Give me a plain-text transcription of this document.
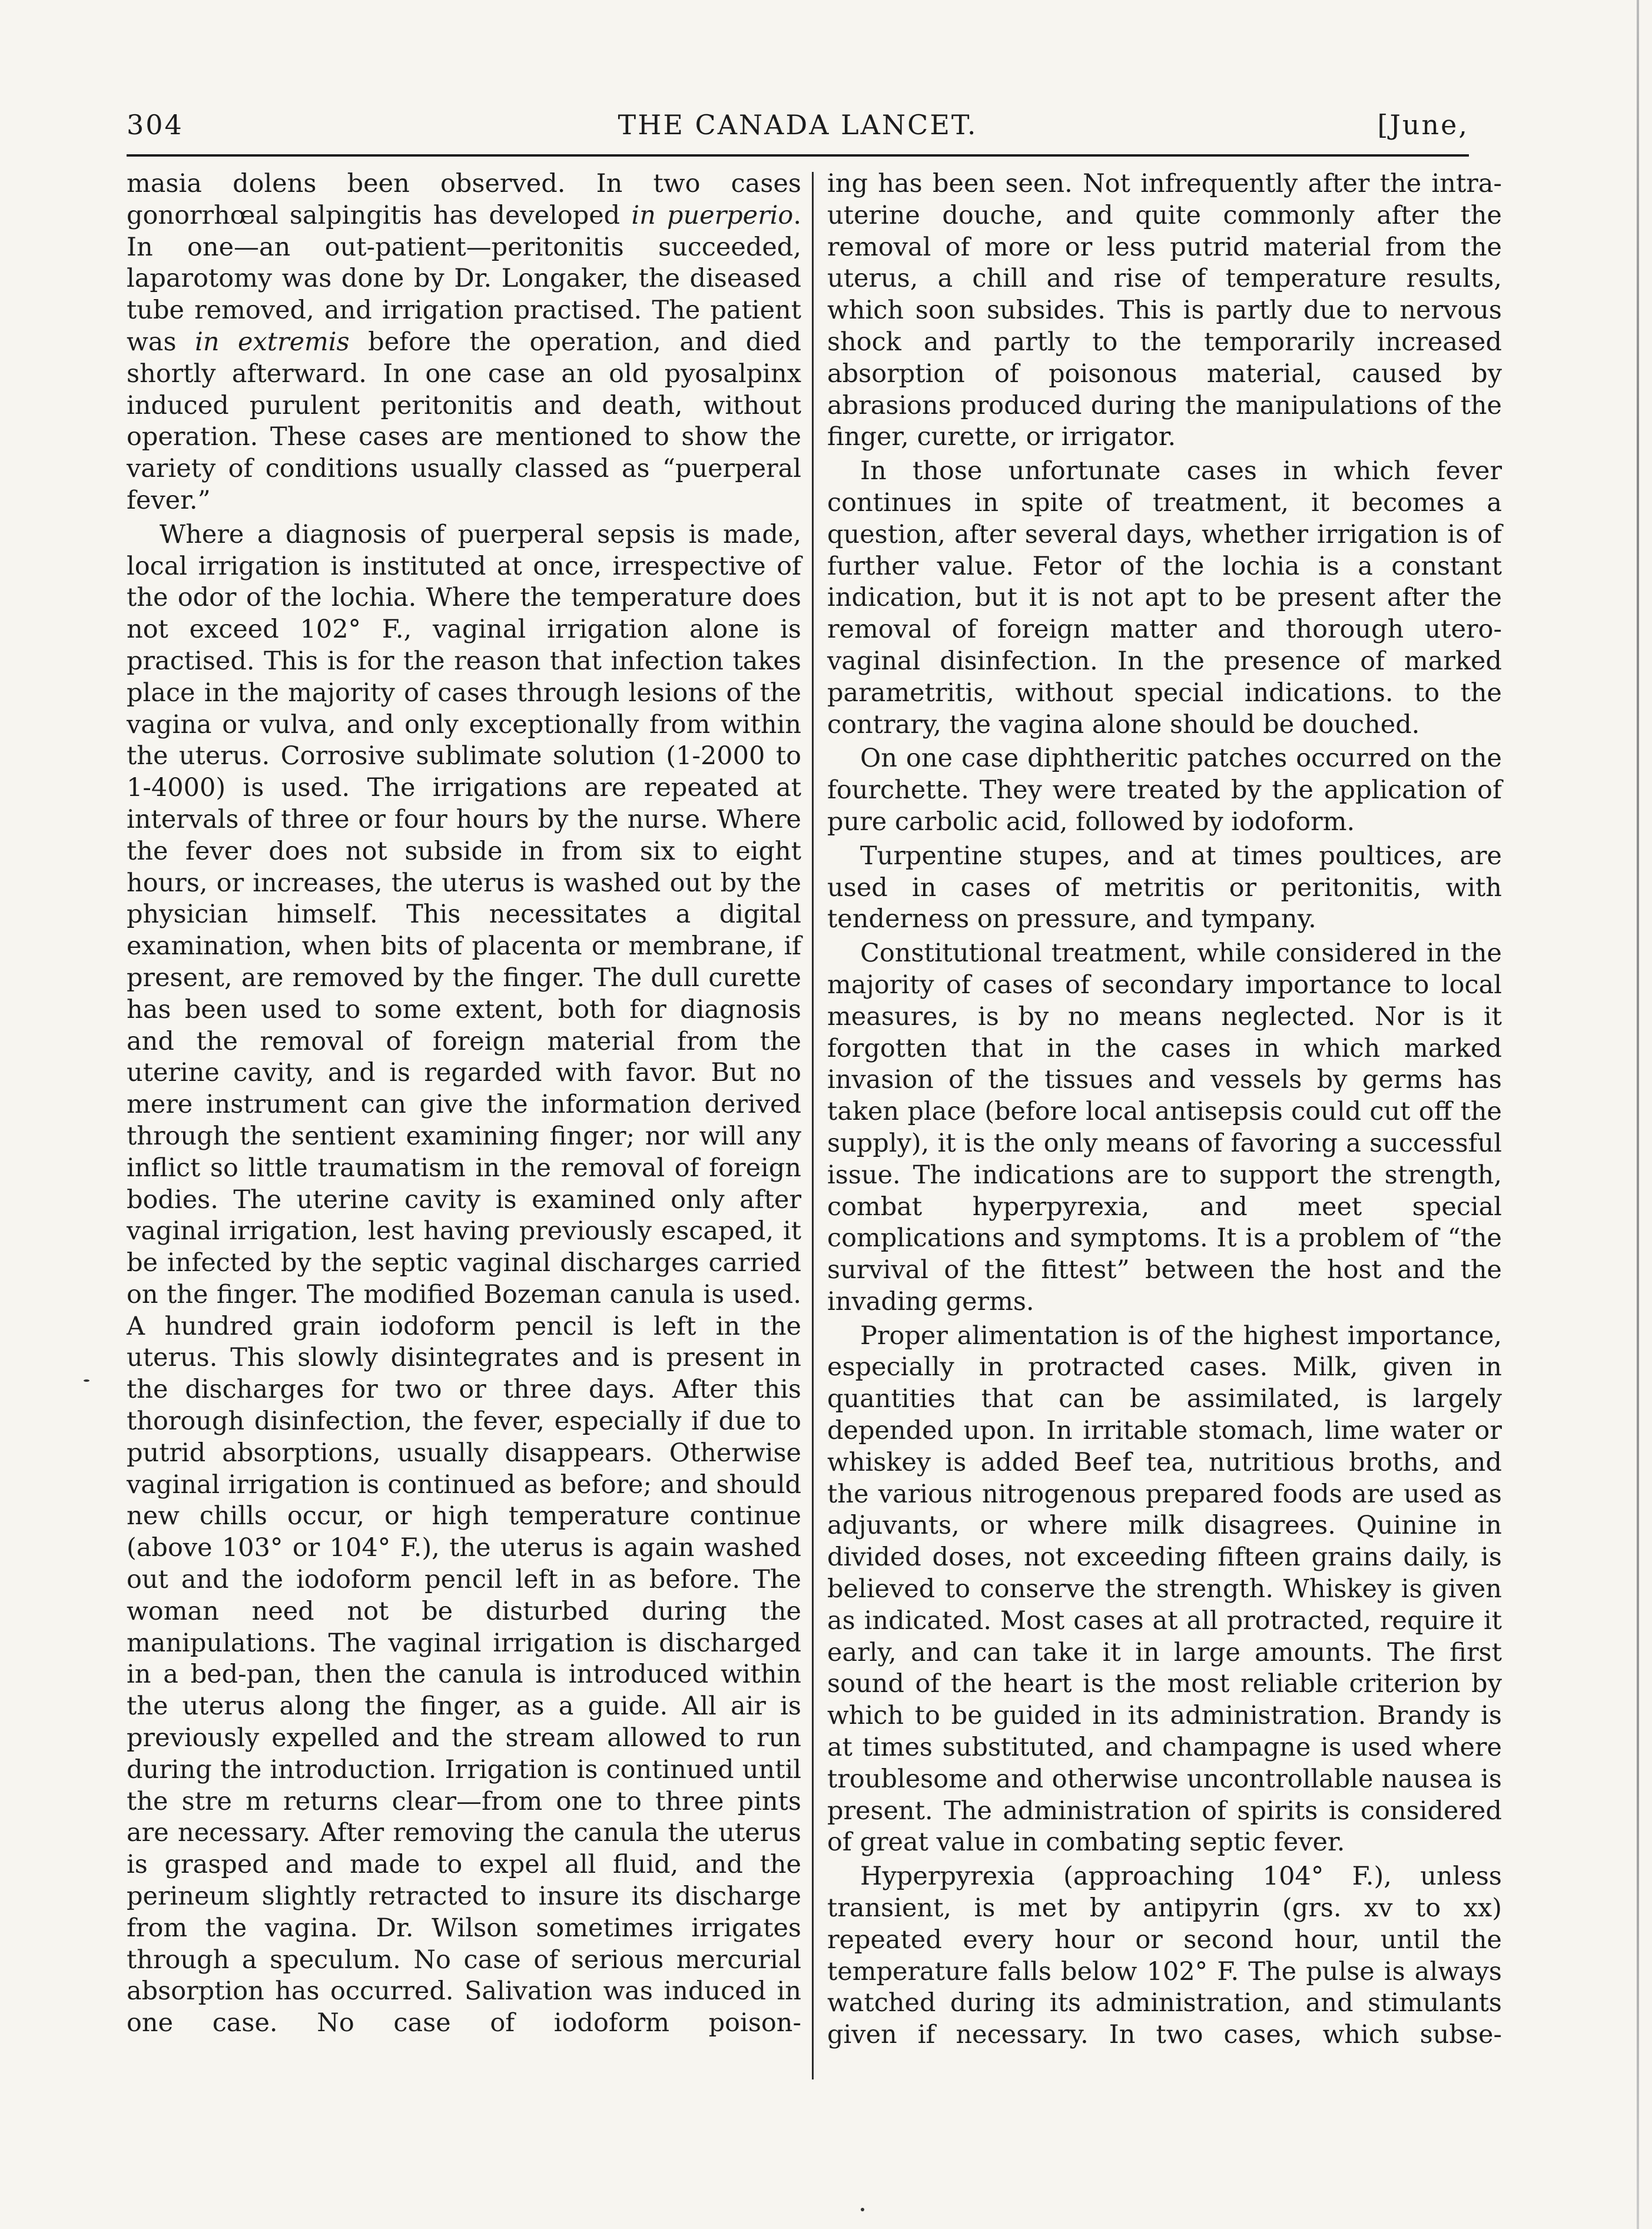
304	THE CANADA LANCET.	[June,

masia dolens been observed. In two cases gonorrhœal salpingitis has developed in puerperio. In one—an out-patient—peritonitis succeeded, laparotomy was done by Dr. Longaker, the diseased tube removed, and irrigation practised. The patient was in extremis before the operation, and died shortly afterward. In one case an old pyosalpinx induced purulent peritonitis and death, without operation. These cases are mentioned to show the variety of conditions usually classed as “puerperal fever.”

Where a diagnosis of puerperal sepsis is made, local irrigation is instituted at once, irrespective of the odor of the lochia. Where the temperature does not exceed 102° F., vaginal irrigation alone is practised. This is for the reason that infection takes place in the majority of cases through lesions of the vagina or vulva, and only exceptionally from within the uterus. Corrosive sublimate solution (1-2000 to 1-4000) is used. The irrigations are repeated at intervals of three or four hours by the nurse. Where the fever does not subside in from six to eight hours, or increases, the uterus is washed out by the physician himself. This necessitates a digital examination, when bits of placenta or membrane, if present, are removed by the finger. The dull curette has been used to some extent, both for diagnosis and the removal of foreign material from the uterine cavity, and is regarded with favor. But no mere instrument can give the information derived through the sentient examining finger; nor will any inflict so little traumatism in the removal of foreign bodies. The uterine cavity is examined only after vaginal irrigation, lest having previously escaped, it be infected by the septic vaginal discharges carried on the finger. The modified Bozeman canula is used. A hundred grain iodoform pencil is left in the uterus. This slowly disintegrates and is present in the discharges for two or three days. After this thorough disinfection, the fever, especially if due to putrid absorptions, usually disappears. Otherwise vaginal irrigation is continued as before; and should new chills occur, or high temperature continue (above 103° or 104° F.), the uterus is again washed out and the iodoform pencil left in as before. The woman need not be disturbed during the manipulations. The vaginal irrigation is discharged in a bed-pan, then the canula is introduced within the uterus along the finger, as a guide. All air is previously expelled and the stream allowed to run during the introduction. Irrigation is continued until the stre m returns clear—from one to three pints are necessary. After removing the canula the uterus is grasped and made to expel all fluid, and the perineum slightly retracted to insure its discharge from the vagina. Dr. Wilson sometimes irrigates through a speculum. No case of serious mercurial absorption has occurred. Salivation was induced in one case. No case of iodoform poison-

ing has been seen. Not infrequently after the intra-uterine douche, and quite commonly after the removal of more or less putrid material from the uterus, a chill and rise of temperature results, which soon subsides. This is partly due to nervous shock and partly to the temporarily increased absorption of poisonous material, caused by abrasions produced during the manipulations of the finger, curette, or irrigator.

In those unfortunate cases in which fever continues in spite of treatment, it becomes a question, after several days, whether irrigation is of further value. Fetor of the lochia is a constant indication, but it is not apt to be present after the removal of foreign matter and thorough utero-vaginal disinfection. In the presence of marked parametritis, without special indications. to the contrary, the vagina alone should be douched.

On one case diphtheritic patches occurred on the fourchette. They were treated by the application of pure carbolic acid, followed by iodoform.

Turpentine stupes, and at times poultices, are used in cases of metritis or peritonitis, with tenderness on pressure, and tympany.

Constitutional treatment, while considered in the majority of cases of secondary importance to local measures, is by no means neglected. Nor is it forgotten that in the cases in which marked invasion of the tissues and vessels by germs has taken place (before local antisepsis could cut off the supply), it is the only means of favoring a successful issue. The indications are to support the strength, combat hyperpyrexia, and meet special complications and symptoms. It is a problem of “the survival of the fittest” between the host and the invading germs.

Proper alimentation is of the highest importance, especially in protracted cases. Milk, given in quantities that can be assimilated, is largely depended upon. In irritable stomach, lime water or whiskey is added Beef tea, nutritious broths, and the various nitrogenous prepared foods are used as adjuvants, or where milk disagrees. Quinine in divided doses, not exceeding fifteen grains daily, is believed to conserve the strength. Whiskey is given as indicated. Most cases at all protracted, require it early, and can take it in large amounts. The first sound of the heart is the most reliable criterion by which to be guided in its administration. Brandy is at times substituted, and champagne is used where troublesome and otherwise uncontrollable nausea is present. The administration of spirits is considered of great value in combating septic fever.

Hyperpyrexia (approaching 104° F.), unless transient, is met by antipyrin (grs. xv to xx) repeated every hour or second hour, until the temperature falls below 102° F. The pulse is always watched during its administration, and stimulants given if necessary. In two cases, which subse-
